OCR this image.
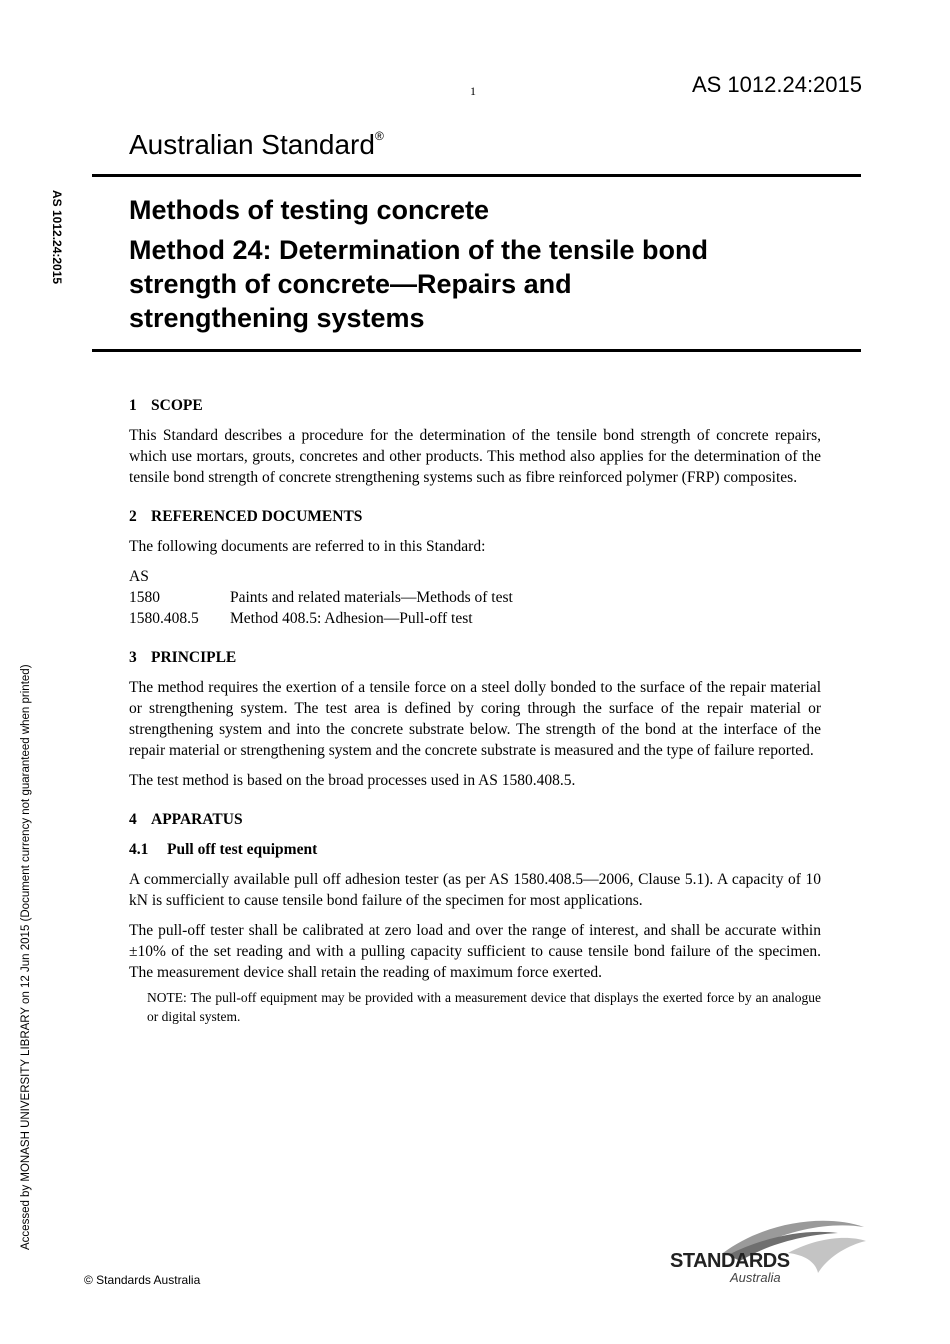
1	AS 1012.24:2015
Australian Standard®
Methods of testing concrete
Method 24: Determination of the tensile bond
strength of concrete—Repairs and
strengthening systems
AS 1012.24:2015
Accessed by MONASH UNIVERSITY LIBRARY on 12 Jun 2015 (Document currency not guaranteed when printed)
1 SCOPE

This Standard describes a procedure for the determination of the tensile bond strength of concrete repairs, which use mortars, grouts, concretes and other products. This method also applies for the determination of the tensile bond strength of concrete strengthening systems such as fibre reinforced polymer (FRP) composites.

2 REFERENCED DOCUMENTS

The following documents are referred to in this Standard:

AS
1580	Paints and related materials—Methods of test
1580.408.5	Method 408.5: Adhesion—Pull-off test
3 PRINCIPLE

The method requires the exertion of a tensile force on a steel dolly bonded to the surface of the repair material or strengthening system. The test area is defined by coring through the surface of the repair material or strengthening system and into the concrete substrate below. The strength of the bond at the interface of the repair material or strengthening system and the concrete substrate is measured and the type of failure reported.

The test method is based on the broad processes used in AS 1580.408.5.

4 APPARATUS
4.1 Pull off test equipment

A commercially available pull off adhesion tester (as per AS 1580.408.5—2006, Clause 5.1). A capacity of 10 kN is sufficient to cause tensile bond failure of the specimen for most applications.

The pull-off tester shall be calibrated at zero load and over the range of interest, and shall be accurate within ±10% of the set reading and with a pulling capacity sufficient to cause tensile bond failure of the specimen. The measurement device shall retain the reading of maximum force exerted.

NOTE: The pull-off equipment may be provided with a measurement device that displays the exerted force by an analogue or digital system.
© Standards Australia
STANDARDS
Australia
